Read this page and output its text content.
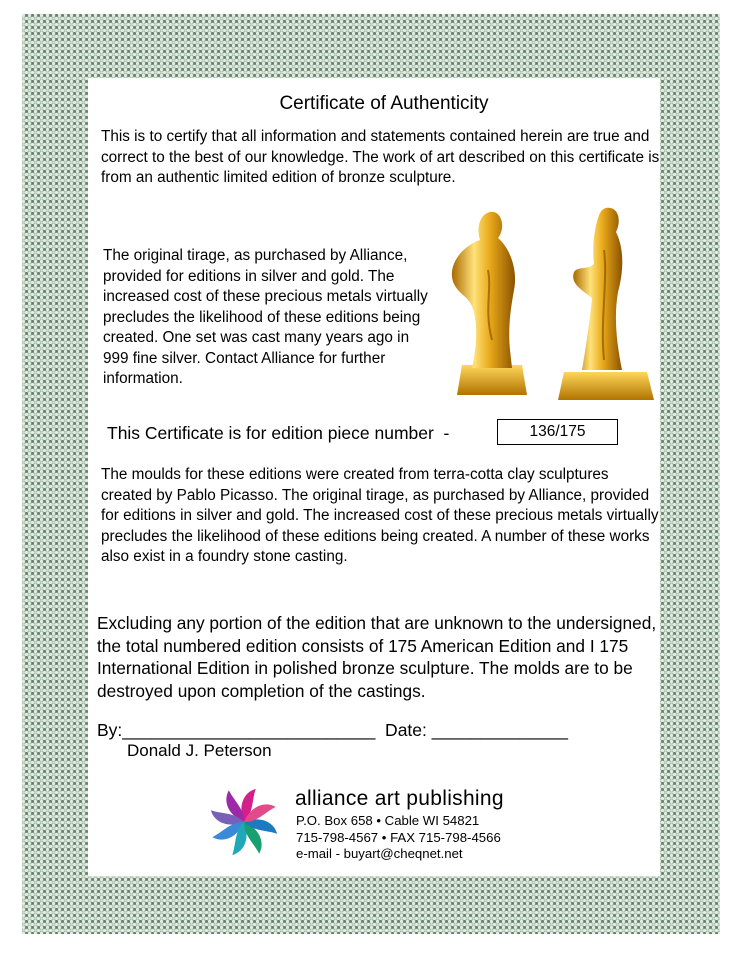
Certificate of Authenticity
This is to certify that all information and statements contained herein are true and correct to the best of our knowledge. The work of art described on this certificate is from an authentic limited edition of bronze sculpture.
The original tirage, as purchased by Alliance, provided for editions in silver and gold. The increased cost of these precious metals virtually precludes the likelihood of these editions being created. One set was cast many years ago in 999 fine silver. Contact Alliance for further information.
This Certificate is for edition piece number  -	136/175
The moulds for these editions were created from terra-cotta clay sculptures created by Pablo Picasso. The original tirage, as purchased by Alliance, provided for editions in silver and gold. The increased cost of these precious metals virtually precludes the likelihood of these editions being created. A number of these works also exist in a foundry stone casting.
Excluding any portion of the edition that are unknown to the undersigned, the total numbered edition consists of 175 American Edition and I 175 International Edition in polished bronze sculpture. The molds are to be destroyed upon completion of the castings.
By:__________________________  Date: ______________
Donald J. Peterson
alliance art publishing
P.O. Box 658 • Cable WI 54821
715-798-4567 • FAX 715-798-4566
e-mail - buyart@cheqnet.net
